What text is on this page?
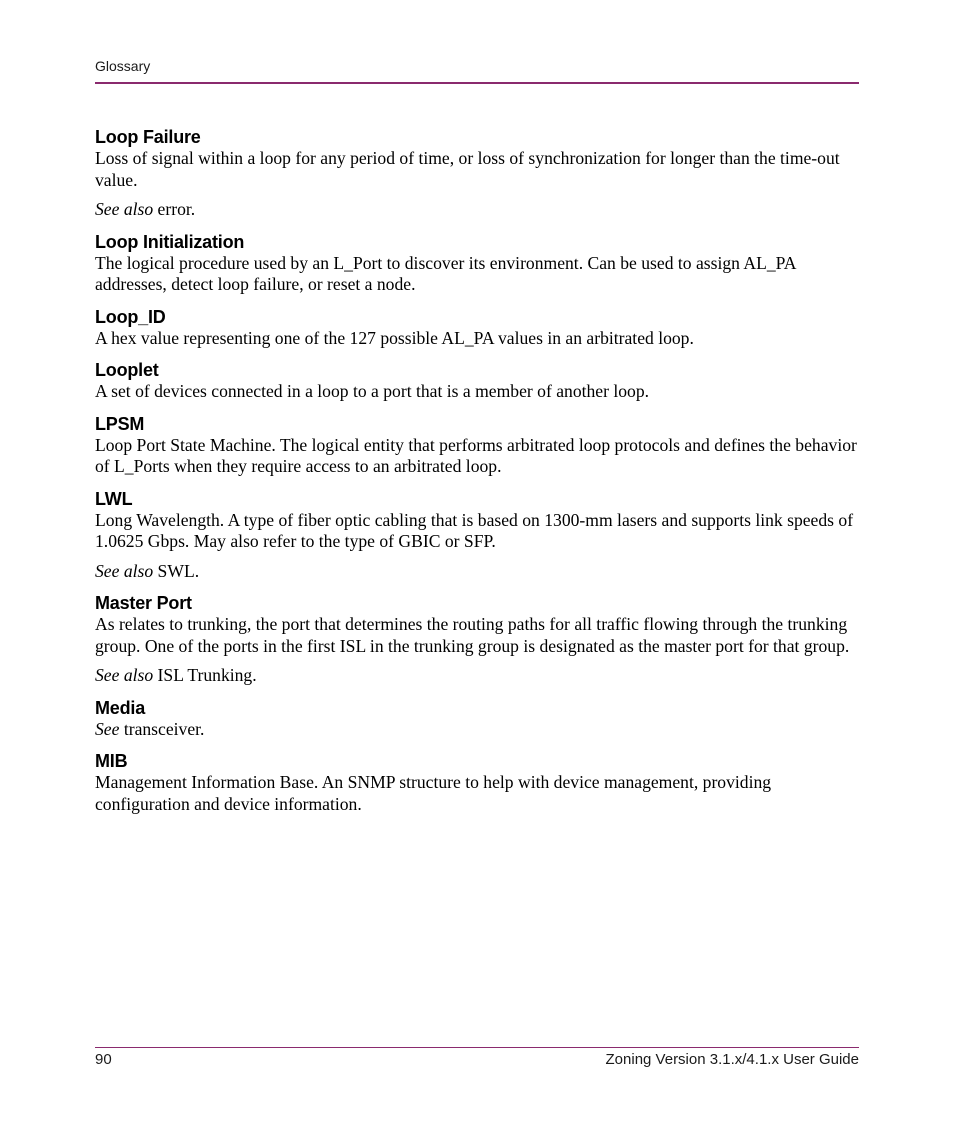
Glossary
Loop Failure

Loss of signal within a loop for any period of time, or loss of synchronization for longer than the time-out value.

See also error.

Loop Initialization

The logical procedure used by an L_Port to discover its environment. Can be used to assign AL_PA addresses, detect loop failure, or reset a node.

Loop_ID

A hex value representing one of the 127 possible AL_PA values in an arbitrated loop.

Looplet

A set of devices connected in a loop to a port that is a member of another loop.

LPSM

Loop Port State Machine. The logical entity that performs arbitrated loop protocols and defines the behavior of L_Ports when they require access to an arbitrated loop.

LWL

Long Wavelength. A type of fiber optic cabling that is based on 1300-mm lasers and supports link speeds of 1.0625 Gbps. May also refer to the type of GBIC or SFP.

See also SWL.

Master Port

As relates to trunking, the port that determines the routing paths for all traffic flowing through the trunking group. One of the ports in the first ISL in the trunking group is designated as the master port for that group.

See also ISL Trunking.

Media

See transceiver.

MIB

Management Information Base. An SNMP structure to help with device management, providing configuration and device information.

90	Zoning Version 3.1.x/4.1.x User Guide
